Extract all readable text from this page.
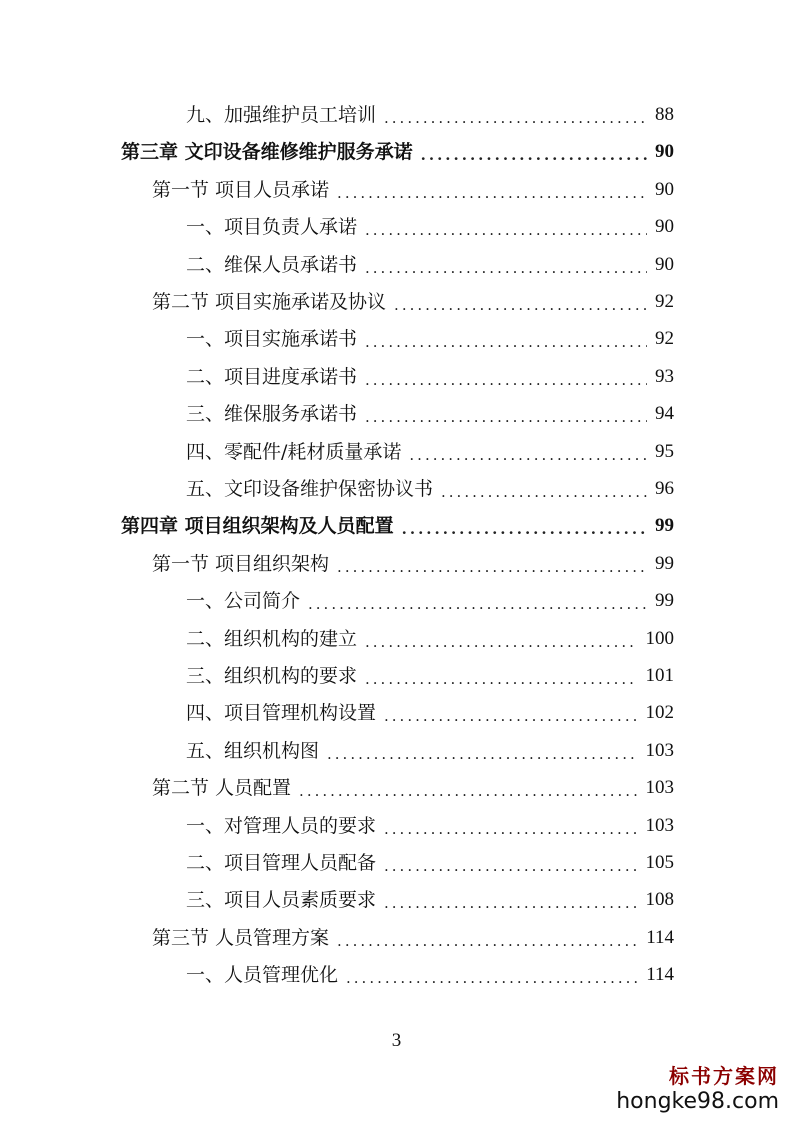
九、加强维护员工培训 .....	88
第三章 文印设备维修维护服务承诺 .....	90
第一节 项目人员承诺 .....	90
一、项目负责人承诺 .....	90
二、维保人员承诺书 .....	90
第二节 项目实施承诺及协议 .....	92
一、项目实施承诺书 .....	92
二、项目进度承诺书 .....	93
三、维保服务承诺书 .....	94
四、零配件/耗材质量承诺 .....	95
五、文印设备维护保密协议书 .....	96
第四章 项目组织架构及人员配置 .....	99
第一节 项目组织架构 .....	99
一、公司简介 .....	99
二、组织机构的建立 .....	100
三、组织机构的要求 .....	101
四、项目管理机构设置 .....	102
五、组织机构图 .....	103
第二节 人员配置 .....	103
一、对管理人员的要求 .....	103
二、项目管理人员配备 .....	105
三、项目人员素质要求 .....	108
第三节 人员管理方案 .....	114
一、人员管理优化 .....	114
3
标书方案网
hongke98.com
